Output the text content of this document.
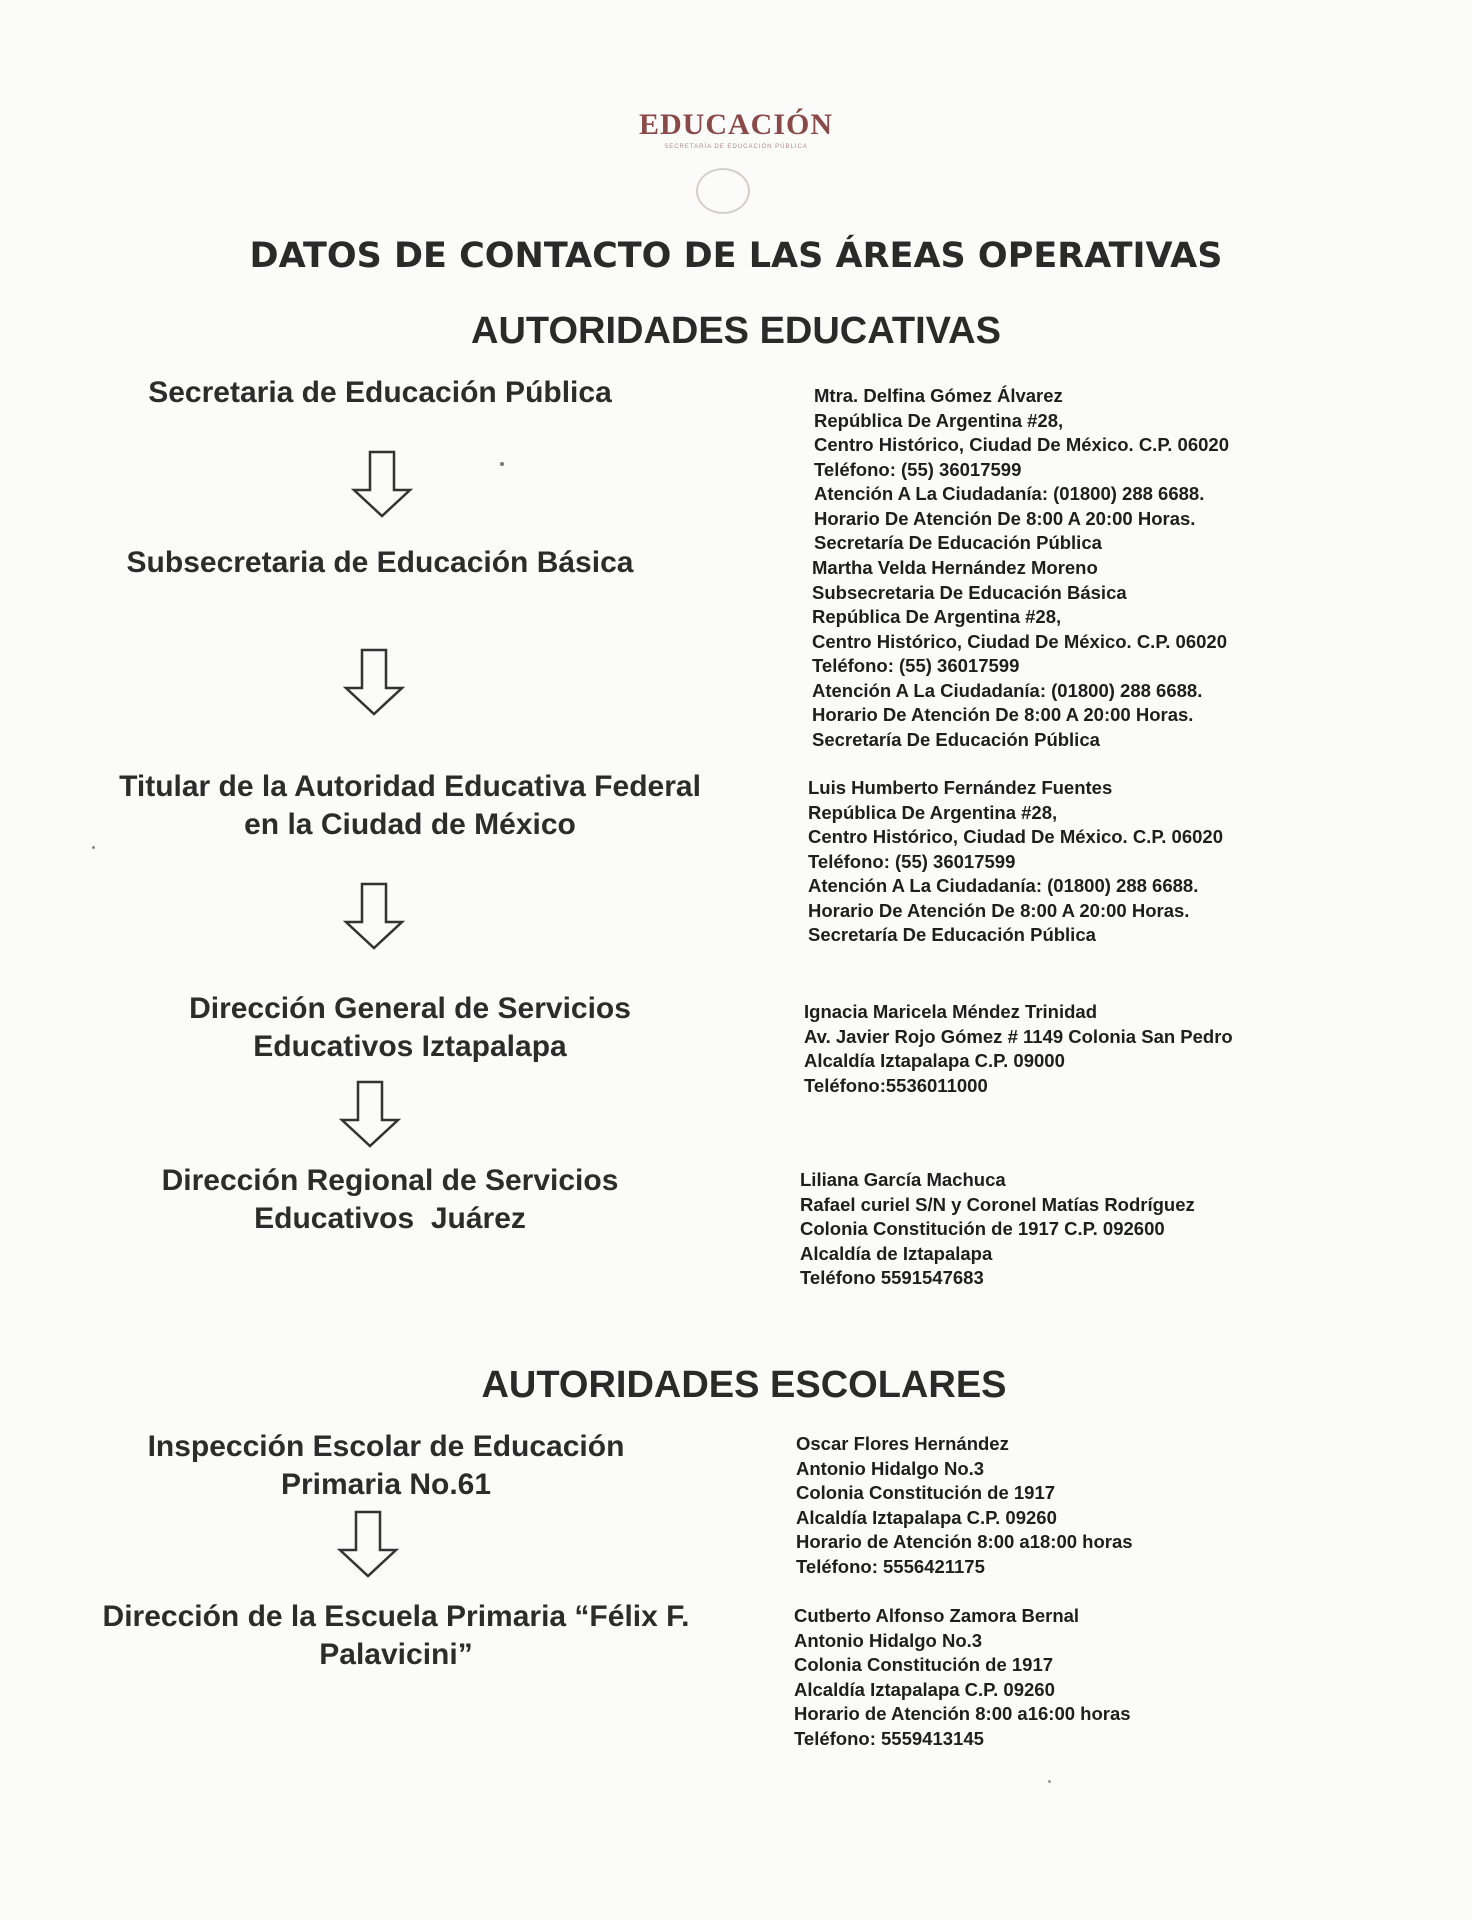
EDUCACIÓN
SECRETARÍA DE EDUCACIÓN PÚBLICA
DATOS DE CONTACTO DE LAS ÁREAS OPERATIVAS
AUTORIDADES EDUCATIVAS
Secretaria de Educación Pública	Mtra. Delfina Gómez Álvarez
República De Argentina #28,
Centro Histórico, Ciudad De México. C.P. 06020
Teléfono: (55) 36017599
Atención A La Ciudadanía: (01800) 288 6688.
Horario De Atención De 8:00 A 20:00 Horas.
Secretaría De Educación Pública
Subsecretaria de Educación Básica	Martha Velda Hernández Moreno
Subsecretaria De Educación Básica
República De Argentina #28,
Centro Histórico, Ciudad De México. C.P. 06020
Teléfono: (55) 36017599
Atención A La Ciudadanía: (01800) 288 6688.
Horario De Atención De 8:00 A 20:00 Horas.
Secretaría De Educación Pública
Titular de la Autoridad Educativa Federal
en la Ciudad de México
Luis Humberto Fernández Fuentes
República De Argentina #28,
Centro Histórico, Ciudad De México. C.P. 06020
Teléfono: (55) 36017599
Atención A La Ciudadanía: (01800) 288 6688.
Horario De Atención De 8:00 A 20:00 Horas.
Secretaría De Educación Pública
Dirección General de Servicios
Educativos Iztapalapa
Ignacia Maricela Méndez Trinidad
Av. Javier Rojo Gómez # 1149 Colonia San Pedro
Alcaldía Iztapalapa C.P. 09000
Teléfono:5536011000
Dirección Regional de Servicios
Educativos  Juárez
Liliana García Machuca
Rafael curiel S/N y Coronel Matías Rodríguez
Colonia Constitución de 1917 C.P. 092600
Alcaldía de Iztapalapa
Teléfono 5591547683
AUTORIDADES ESCOLARES
Inspección Escolar de Educación
Primaria No.61
Oscar Flores Hernández
Antonio Hidalgo No.3
Colonia Constitución de 1917
Alcaldía Iztapalapa C.P. 09260
Horario de Atención 8:00 a18:00 horas
Teléfono: 5556421175
Dirección de la Escuela Primaria “Félix F.
Palavicini”
Cutberto Alfonso Zamora Bernal
Antonio Hidalgo No.3
Colonia Constitución de 1917
Alcaldía Iztapalapa C.P. 09260
Horario de Atención 8:00 a16:00 horas
Teléfono: 5559413145
